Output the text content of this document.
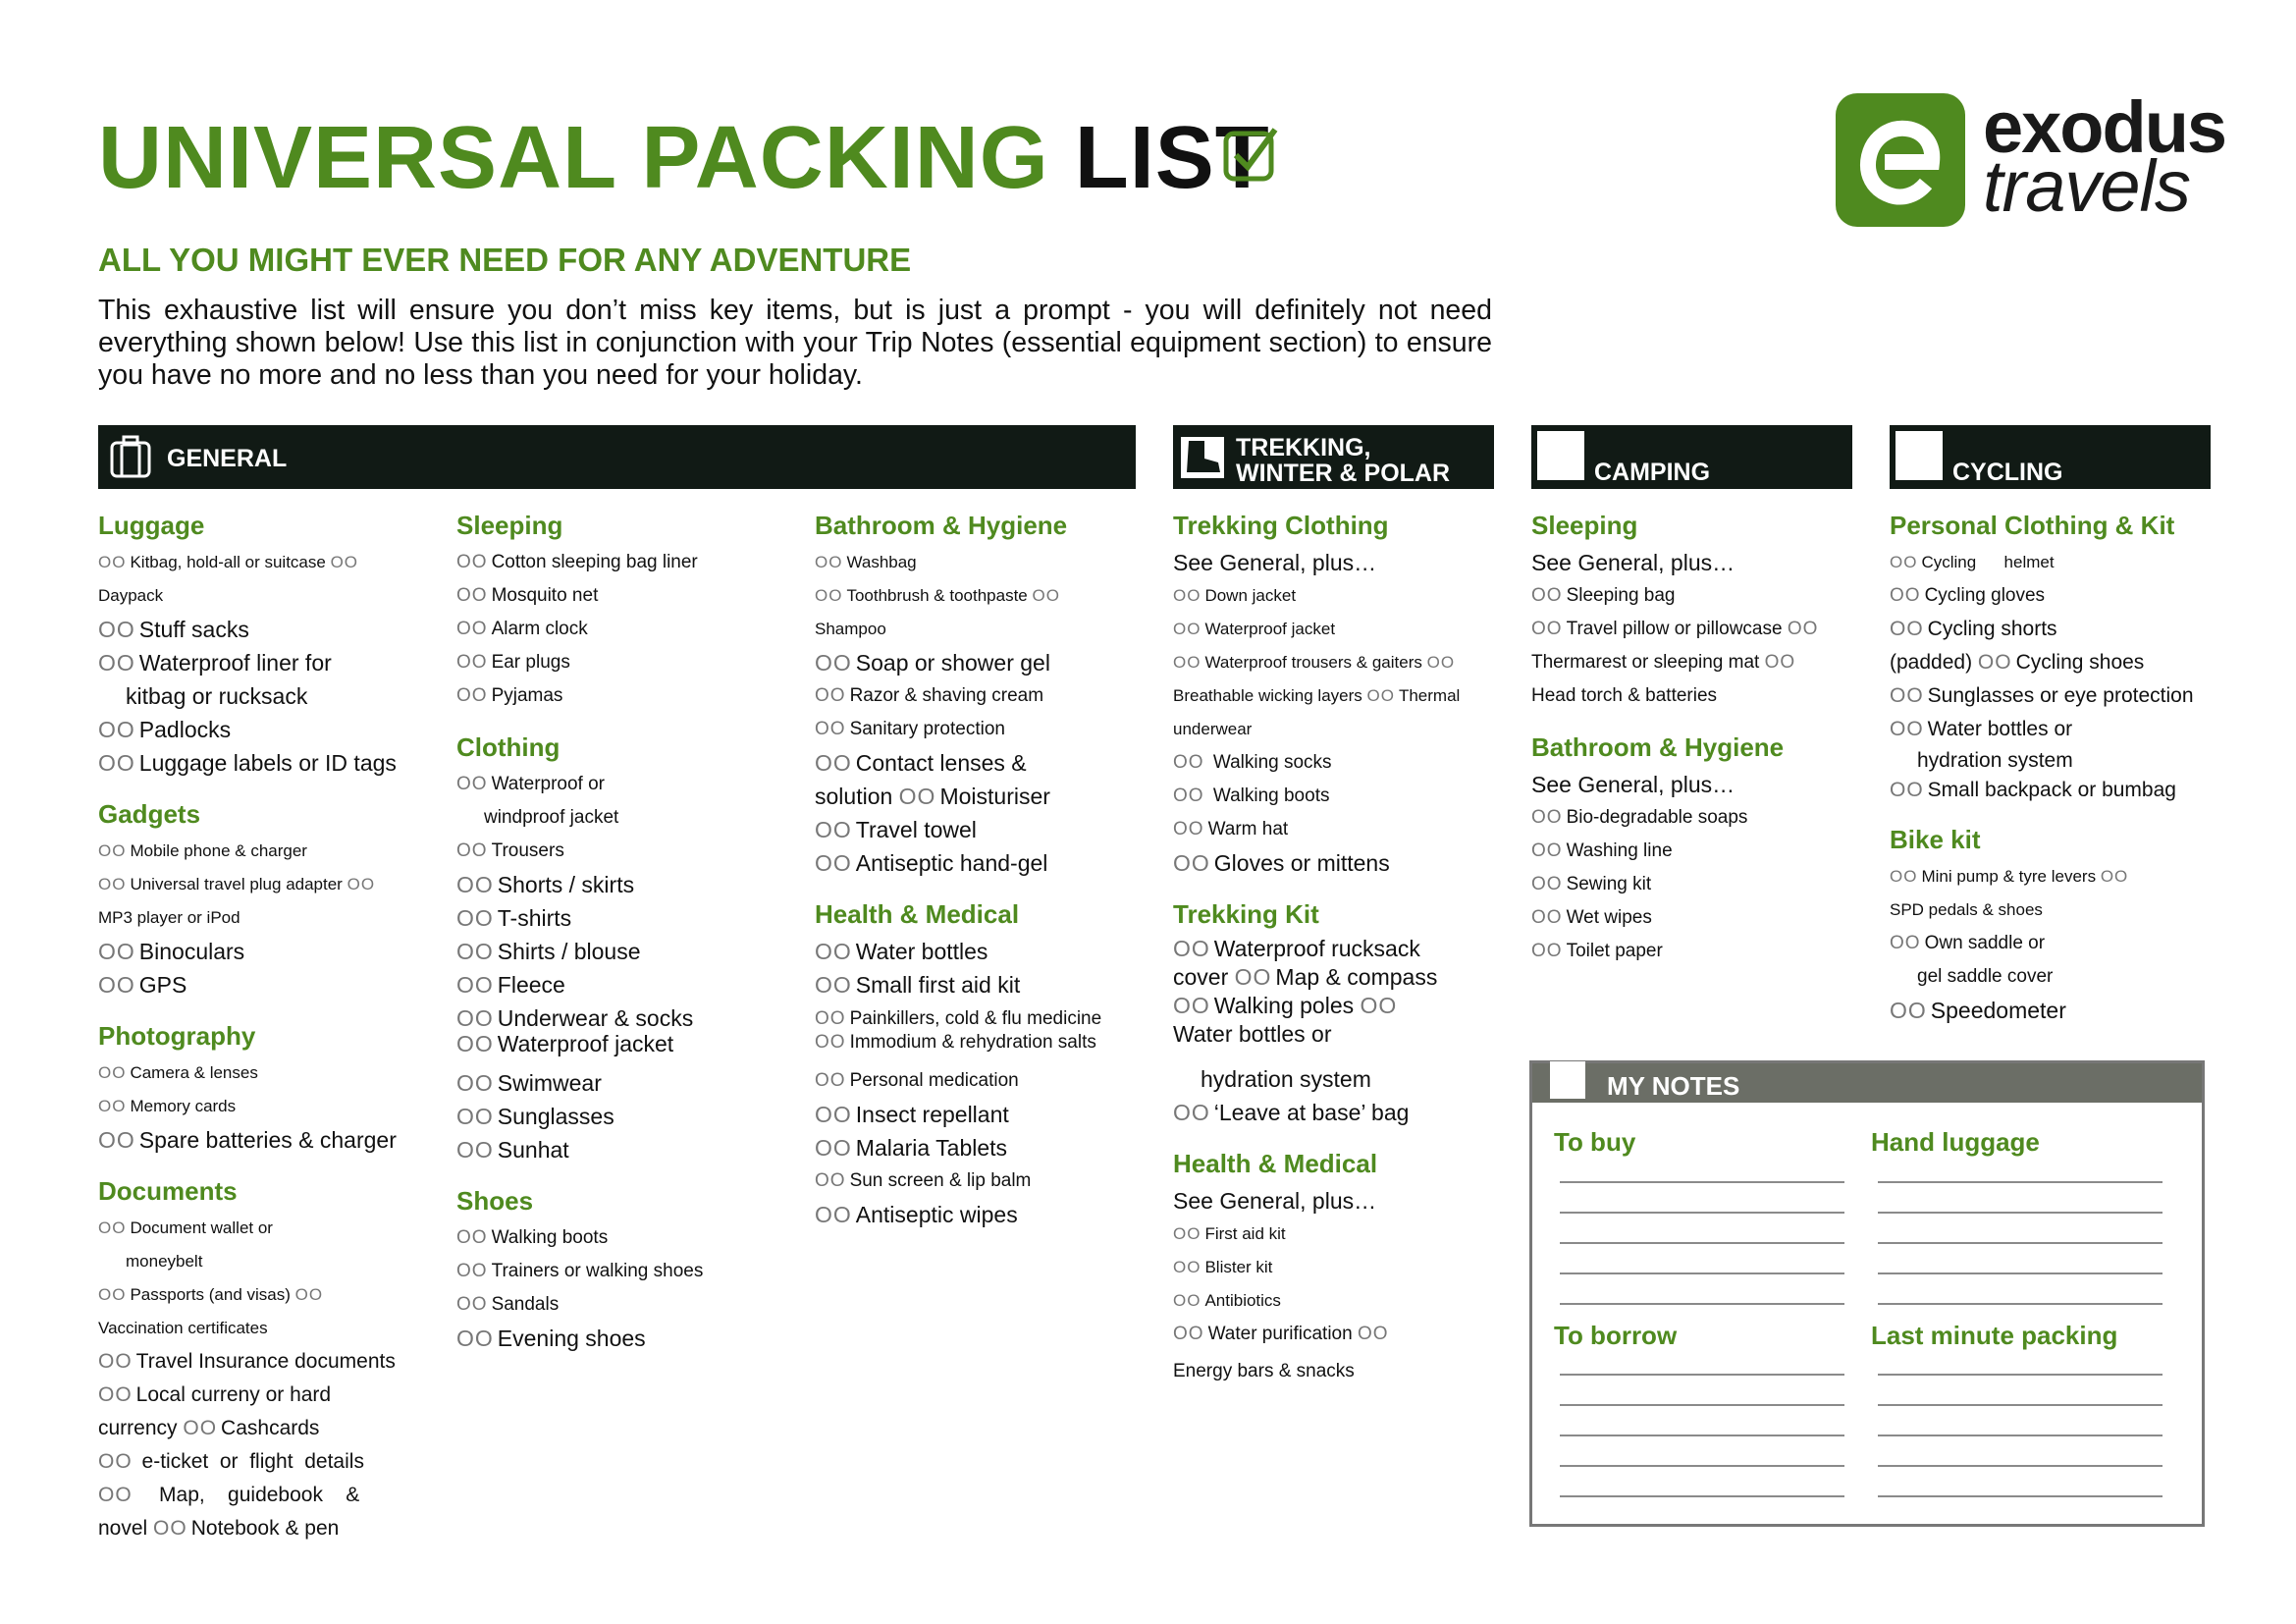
UNIVERSAL PACKING LIST
ALL YOU MIGHT EVER NEED FOR ANY ADVENTURE
This exhaustive list will ensure you don’t miss key items, but is just a prompt - you will definitely not need everything shown below! Use this list in conjunction with your Trip Notes (essential equipment section) to ensure you have no more and no less than you need for your holiday.
exodus
travels
GENERAL	TREKKING,
WINTER & POLAR	CAMPING	CYCLING
Luggage
OO Kitbag, hold-all or suitcase OO
Daypack
OO Stuff sacks
OO Waterproof liner for
kitbag or rucksack
OO Padlocks
OO Luggage labels or ID tags
Gadgets
OO Mobile phone & charger
OO Universal travel plug adapter OO
MP3 player or iPod
OO Binoculars
OO GPS
Photography
OO Camera & lenses
OO Memory cards
OO Spare batteries & charger
Documents
OO Document wallet or
moneybelt
OO Passports (and visas) OO
Vaccination certificates
OO Travel Insurance documents
OO Local curreny or hard
currency OO Cashcards
OO e-ticket  or  flight  details
OO Map,    guidebook    &
novel OO Notebook & pen
Sleeping
OO Cotton sleeping bag liner
OO Mosquito net
OO Alarm clock
OO Ear plugs
OO Pyjamas
Clothing
OO Waterproof or
windproof jacket
OO Trousers
OO Shorts / skirts
OO T-shirts
OO Shirts / blouse
OO Fleece
OO Underwear & socks
OO Waterproof jacket
OO Swimwear
OO Sunglasses
OO Sunhat
Shoes
OO Walking boots
OO Trainers or walking shoes
OO Sandals
OO Evening shoes
Bathroom & Hygiene
OO Washbag
OO Toothbrush & toothpaste OO
Shampoo
OO Soap or shower gel
OO Razor & shaving cream
OO Sanitary protection
OO Contact lenses &
solution OO Moisturiser
OO Travel towel
OO Antiseptic hand-gel
Health & Medical
OO Water bottles
OO Small first aid kit
OO Painkillers, cold & flu medicine
OO Immodium & rehydration salts
OO Personal medication
OO Insect repellant
OO Malaria Tablets
OO Sun screen & lip balm
OO Antiseptic wipes
Trekking Clothing
See General, plus…
OO Down jacket
OO Waterproof jacket
OO Waterproof trousers & gaiters OO
Breathable wicking layers OO Thermal
underwear
OO Walking socks
OO Walking boots
OO Warm hat
OO Gloves or mittens
Trekking Kit
OO Waterproof rucksack
cover OO Map & compass
OO Walking poles OO
Water bottles or
hydration system
OO ‘Leave at base’ bag
Health & Medical
See General, plus…
OO First aid kit
OO Blister kit
OO Antibiotics
OO Water purification OO
Energy bars & snacks
Sleeping
See General, plus…
OO Sleeping bag
OO Travel pillow or pillowcase OO
Thermarest or sleeping mat OO
Head torch & batteries
Bathroom & Hygiene
See General, plus…
OO Bio-degradable soaps
OO Washing line
OO Sewing kit
OO Wet wipes
OO Toilet paper
Personal Clothing & Kit
OO Cycling helmet
OO Cycling gloves
OO Cycling shorts
(padded) OO Cycling shoes
OO Sunglasses or eye protection
OO Water bottles or
hydration system
OO Small backpack or bumbag
Bike kit
OO Mini pump & tyre levers OO
SPD pedals & shoes
OO Own saddle or
gel saddle cover
OO Speedometer
MY NOTES
To buy	Hand luggage
To borrow	Last minute packing
